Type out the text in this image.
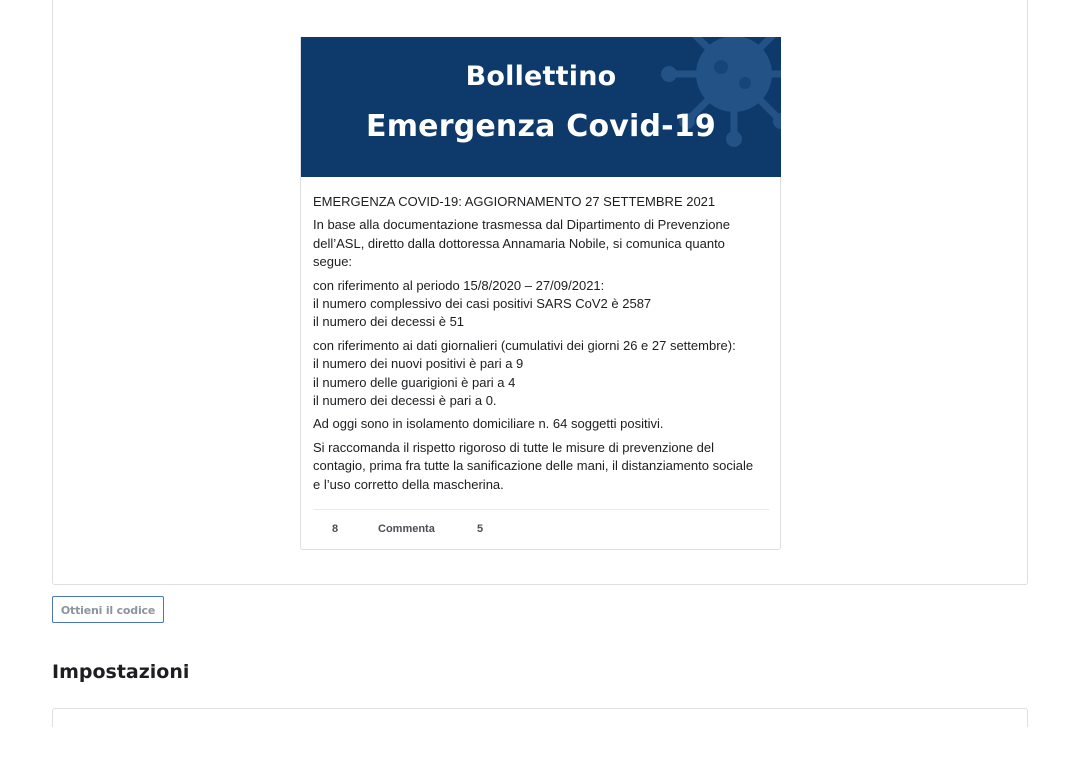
Bollettino
Emergenza Covid-19

EMERGENZA COVID-19: AGGIORNAMENTO 27 SETTEMBRE 2021

In base alla documentazione trasmessa dal Dipartimento di Prevenzione
dell’ASL, diretto dalla dottoressa Annamaria Nobile, si comunica quanto
segue:

con riferimento al periodo 15/8/2020 – 27/09/2021:
il numero complessivo dei casi positivi SARS CoV2 è 2587
il numero dei decessi è 51

con riferimento ai dati giornalieri (cumulativi dei giorni 26 e 27 settembre):
il numero dei nuovi positivi è pari a 9
il numero delle guarigioni è pari a 4
il numero dei decessi è pari a 0.

Ad oggi sono in isolamento domiciliare n. 64 soggetti positivi.

Si raccomanda il rispetto rigoroso di tutte le misure di prevenzione del
contagio, prima fra tutte la sanificazione delle mani, il distanziamento sociale
e l’uso corretto della mascherina.

8	Commenta	5
Ottieni il codice
Impostazioni
